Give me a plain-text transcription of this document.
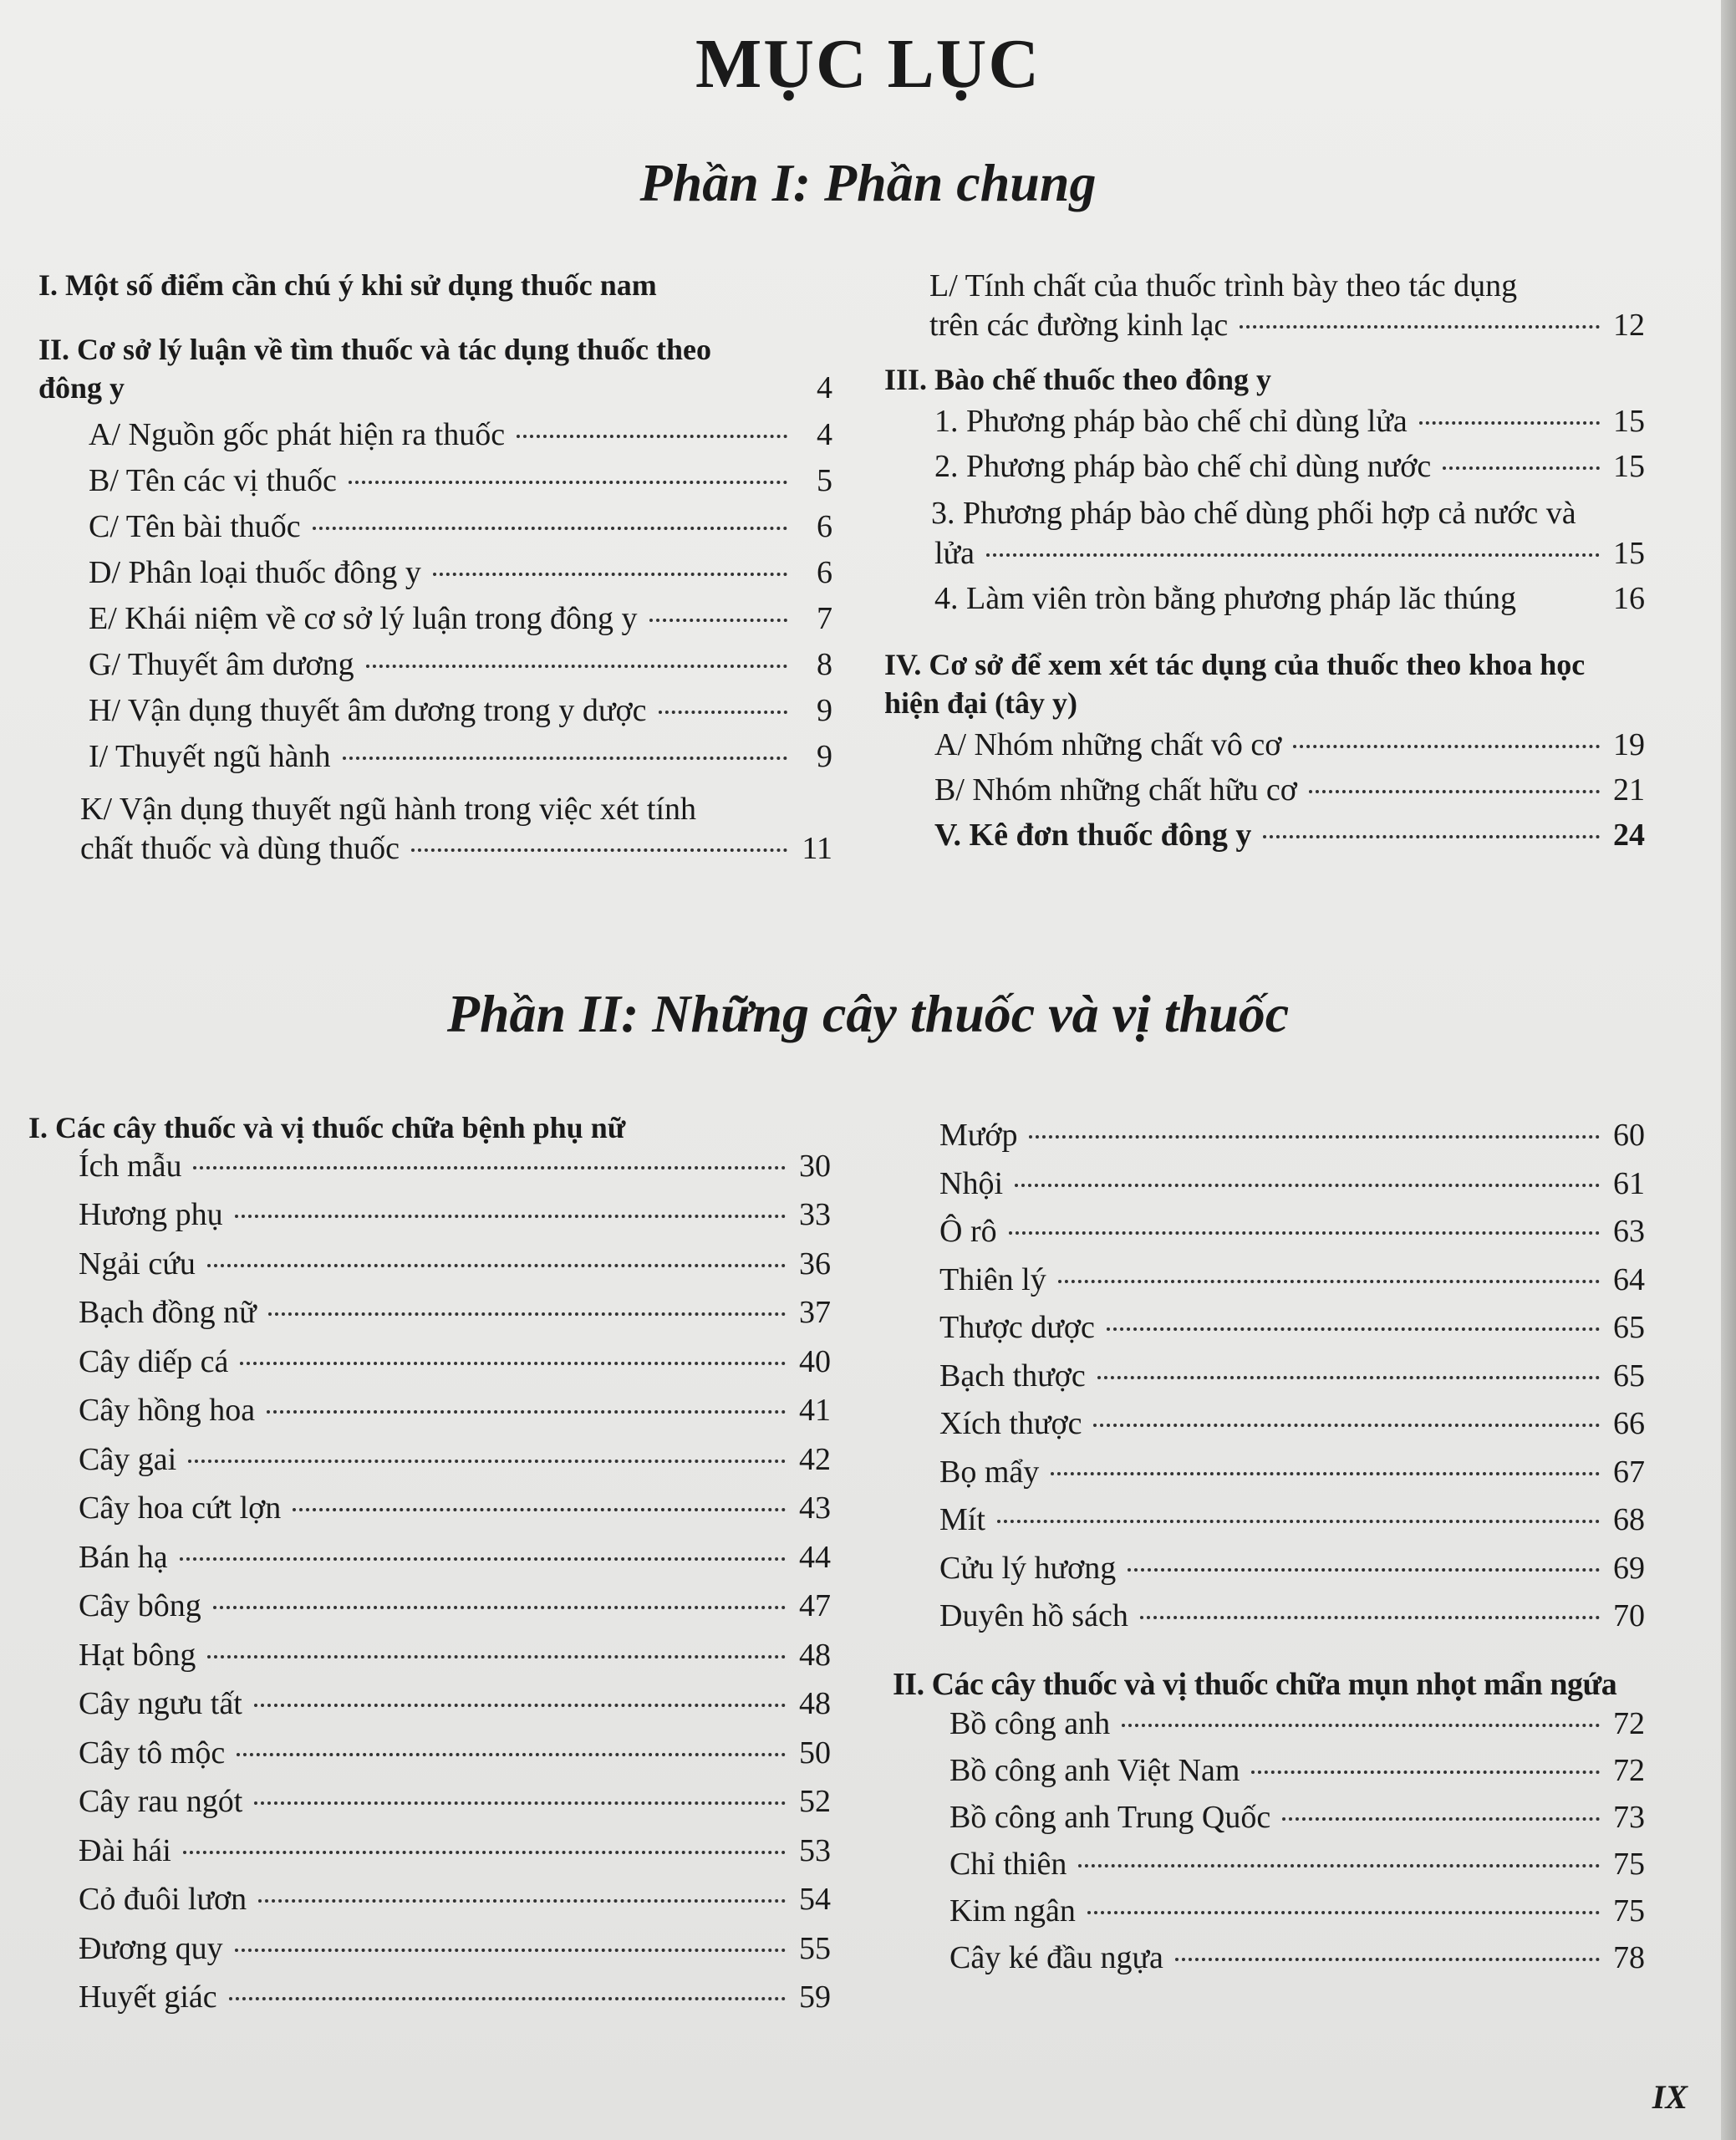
MỤC LỤC
Phần I: Phần chung
I. Một số điểm cần chú ý khi sử dụng thuốc nam
II. Cơ sở lý luận về tìm thuốc và tác dụng thuốc theo
đông y	4
A/ Nguồn gốc phát hiện ra thuốc	4
B/ Tên các vị thuốc	5
C/ Tên bài thuốc	6
D/ Phân loại thuốc đông y	6
E/ Khái niệm về cơ sở lý luận trong đông y	7
G/ Thuyết âm dương	8
H/ Vận dụng thuyết âm dương trong y dược	9
I/ Thuyết ngũ hành	9
K/ Vận dụng thuyết ngũ hành trong việc xét tính
chất thuốc và dùng thuốc	11
L/ Tính chất của thuốc trình bày theo tác dụng
trên các đường kinh lạc	12
III. Bào chế thuốc theo đông y
1. Phương pháp bào chế chỉ dùng lửa	15
2. Phương pháp bào chế chỉ dùng nước	15
3. Phương pháp bào chế dùng phối hợp cả nước và
lửa	15
4. Làm viên tròn bằng phương pháp lăc thúng	16
IV. Cơ sở để xem xét tác dụng của thuốc theo khoa học
hiện đại (tây y)
A/ Nhóm những chất vô cơ	19
B/ Nhóm những chất hữu cơ	21
V. Kê đơn thuốc đông y	24
Phần II: Những cây thuốc và vị thuốc
I. Các cây thuốc và vị thuốc chữa bệnh phụ nữ
Ích mẫu	30
Hương phụ	33
Ngải cứu	36
Bạch đồng nữ	37
Cây diếp cá	40
Cây hồng hoa	41
Cây gai	42
Cây hoa cứt lợn	43
Bán hạ	44
Cây bông	47
Hạt bông	48
Cây ngưu tất	48
Cây tô mộc	50
Cây rau ngót	52
Đài hái	53
Cỏ đuôi lươn	54
Đương quy	55
Huyết giác	59
Mướp	60
Nhội	61
Ô rô	63
Thiên lý	64
Thược dược	65
Bạch thược	65
Xích thược	66
Bọ mẩy	67
Mít	68
Cửu lý hương	69
Duyên hồ sách	70
II. Các cây thuốc và vị thuốc chữa mụn nhọt mẩn ngứa
Bồ công anh	72
Bồ công anh Việt Nam	72
Bồ công anh Trung Quốc	73
Chỉ thiên	75
Kim ngân	75
Cây ké đầu ngựa	78
IX
